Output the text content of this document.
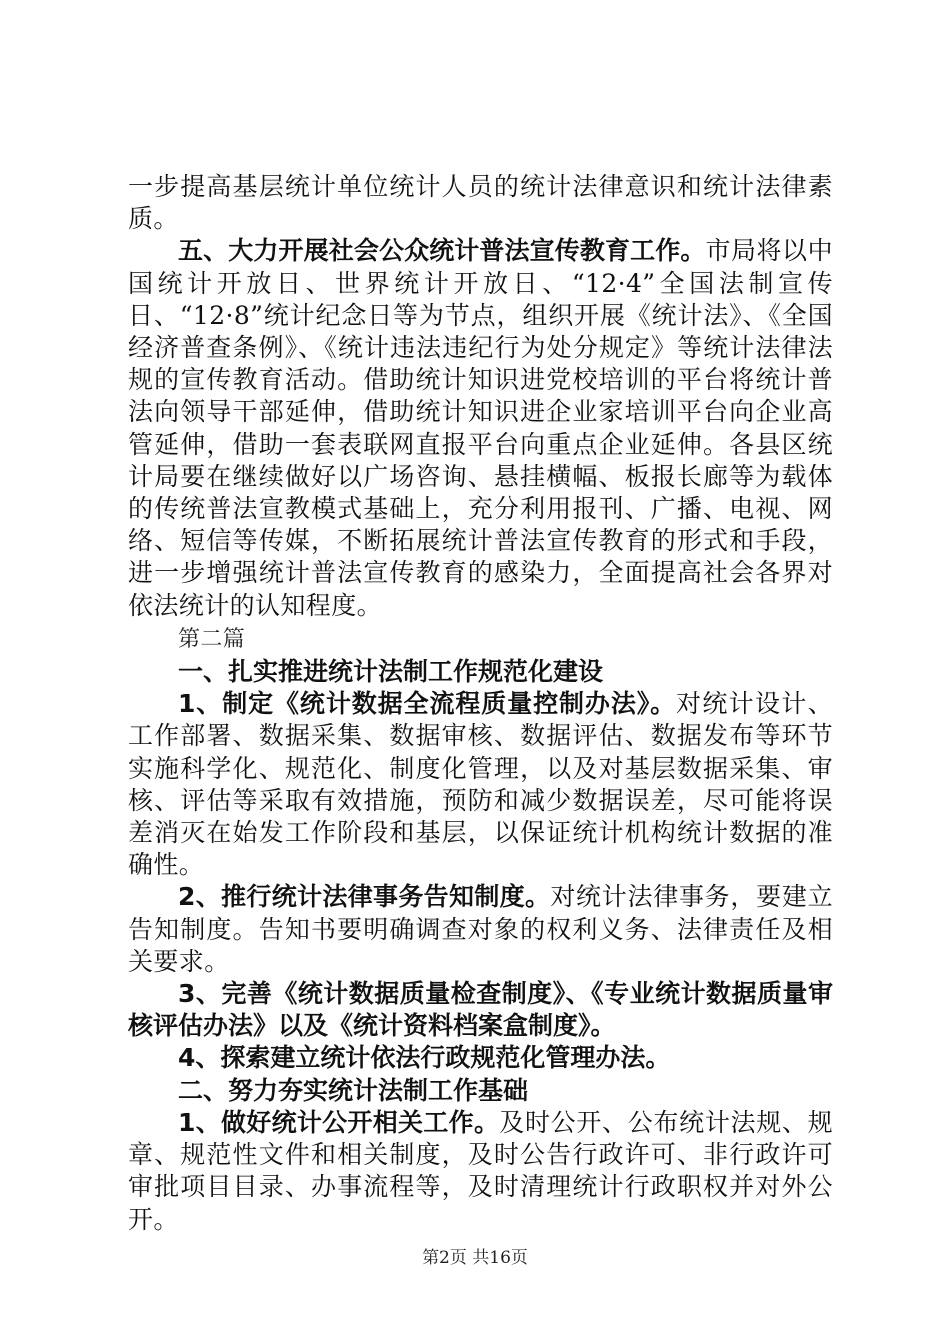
一步提高基层统计单位统计人员的统计法律意识和统计法律素质。

五、大力开展社会公众统计普法宣传教育工作。市局将以中国统计开放日、世界统计开放日、“12·4”全国法制宣传日、“12·8”统计纪念日等为节点，组织开展《统计法》、《全国经济普查条例》、《统计违法违纪行为处分规定》等统计法律法规的宣传教育活动。借助统计知识进党校培训的平台将统计普法向领导干部延伸，借助统计知识进企业家培训平台向企业高管延伸，借助一套表联网直报平台向重点企业延伸。各县区统计局要在继续做好以广场咨询、悬挂横幅、板报长廊等为载体的传统普法宣教模式基础上，充分利用报刊、广播、电视、网络、短信等传媒，不断拓展统计普法宣传教育的形式和手段，进一步增强统计普法宣传教育的感染力，全面提高社会各界对依法统计的认知程度。

第二篇

一、扎实推进统计法制工作规范化建设

1、制定《统计数据全流程质量控制办法》。对统计设计、工作部署、数据采集、数据审核、数据评估、数据发布等环节实施科学化、规范化、制度化管理，以及对基层数据采集、审核、评估等采取有效措施，预防和减少数据误差，尽可能将误差消灭在始发工作阶段和基层，以保证统计机构统计数据的准确性。

2、推行统计法律事务告知制度。对统计法律事务，要建立告知制度。告知书要明确调查对象的权利义务、法律责任及相关要求。

3、完善《统计数据质量检查制度》、《专业统计数据质量审核评估办法》以及《统计资料档案盒制度》。

4、探索建立统计依法行政规范化管理办法。

二、努力夯实统计法制工作基础

1、做好统计公开相关工作。及时公开、公布统计法规、规章、规范性文件和相关制度，及时公告行政许可、非行政许可审批项目目录、办事流程等，及时清理统计行政职权并对外公开。

第2页 共16页
